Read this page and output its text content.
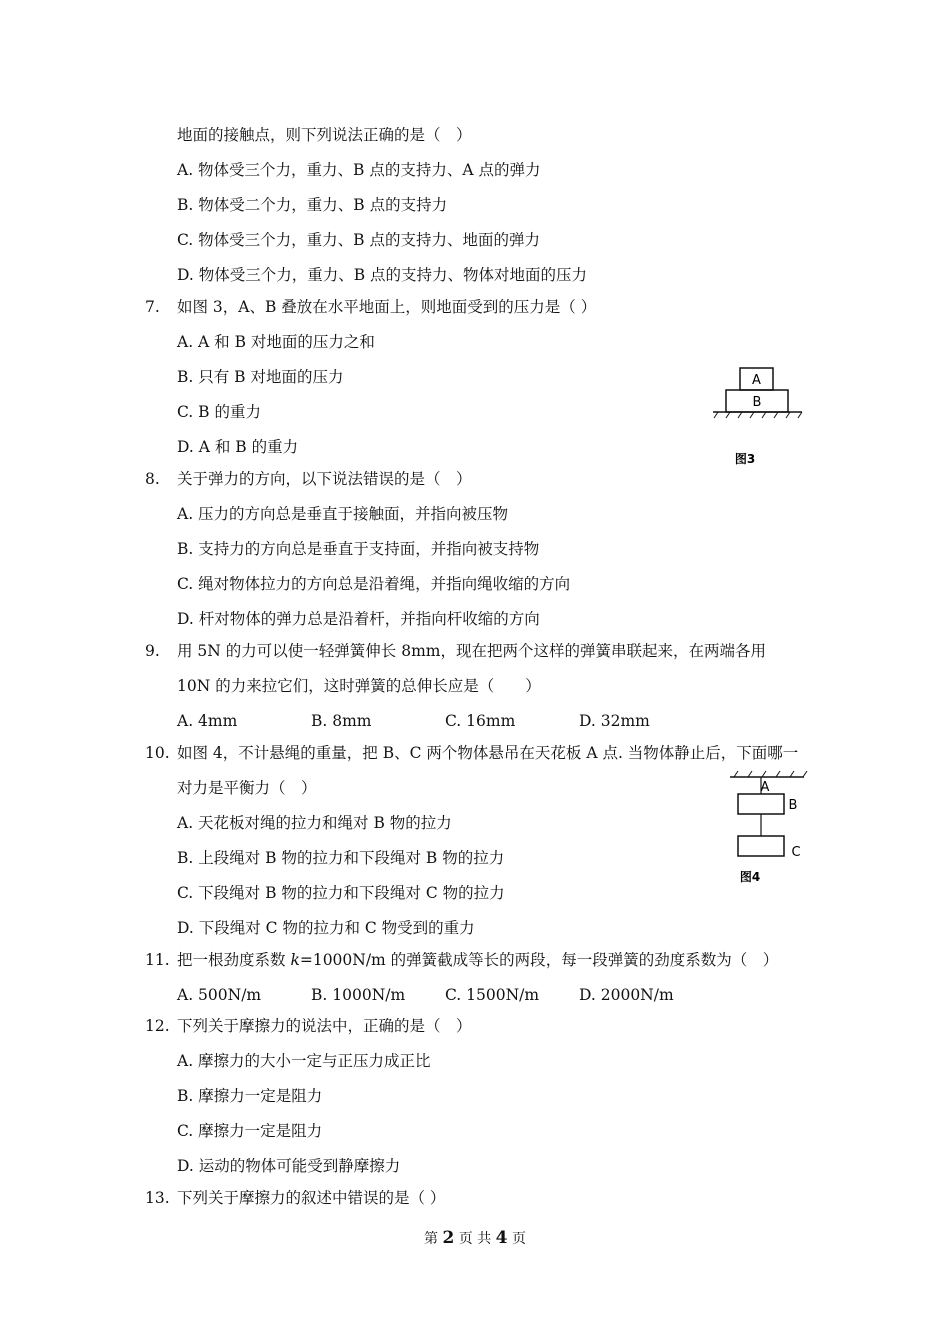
地面的接触点，则下列说法正确的是（　）
A. 物体受三个力，重力、B 点的支持力、A 点的弹力
B. 物体受二个力，重力、B 点的支持力
C. 物体受三个力，重力、B 点的支持力、地面的弹力
D. 物体受三个力，重力、B 点的支持力、物体对地面的压力
7. 如图 3，A、B 叠放在水平地面上，则地面受到的压力是（ ）
A. A 和 B 对地面的压力之和
B. 只有 B 对地面的压力
C. B 的重力
D. A 和 B 的重力
A
B
图3
8. 关于弹力的方向，以下说法错误的是（　）
A. 压力的方向总是垂直于接触面，并指向被压物
B. 支持力的方向总是垂直于支持面，并指向被支持物
C. 绳对物体拉力的方向总是沿着绳，并指向绳收缩的方向
D. 杆对物体的弹力总是沿着杆，并指向杆收缩的方向
9. 用 5N 的力可以使一轻弹簧伸长 8mm，现在把两个这样的弹簧串联起来，在两端各用
10N 的力来拉它们，这时弹簧的总伸长应是（　　）
A. 4mm	B. 8mm	C. 16mm	D. 32mm
10. 如图 4，不计悬绳的重量，把 B、C 两个物体悬吊在天花板 A 点. 当物体静止后，下面哪一
对力是平衡力（　）
A. 天花板对绳的拉力和绳对 B 物的拉力
B. 上段绳对 B 物的拉力和下段绳对 B 物的拉力
C. 下段绳对 B 物的拉力和下段绳对 C 物的拉力
D. 下段绳对 C 物的拉力和 C 物受到的重力
A
B
C
图4
11. 把一根劲度系数 k=1000N/m 的弹簧截成等长的两段，每一段弹簧的劲度系数为（　）
A. 500N/m	B. 1000N/m	C. 1500N/m	D. 2000N/m
12. 下列关于摩擦力的说法中，正确的是（　）
A. 摩擦力的大小一定与正压力成正比
B. 摩擦力一定是阻力
C. 摩擦力一定是阻力
D. 运动的物体可能受到静摩擦力
13. 下列关于摩擦力的叙述中错误的是（ ）
第 2 页 共 4 页
